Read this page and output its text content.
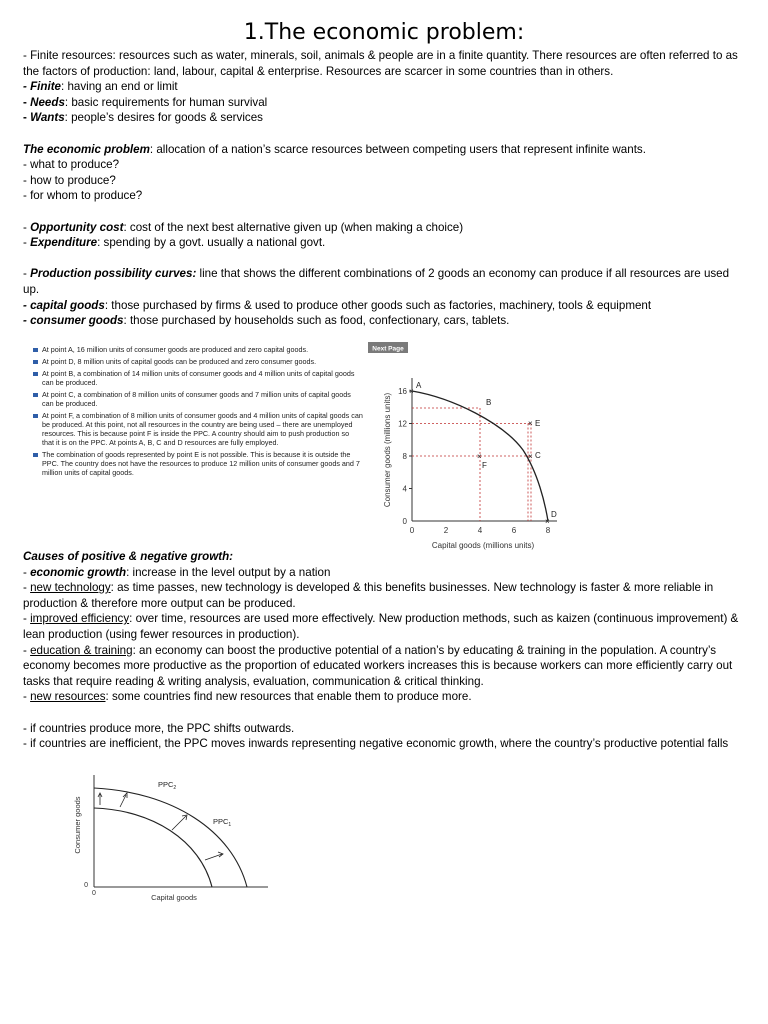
1.The economic problem:

- Finite resources: resources such as water, minerals, soil, animals & people are in a finite quantity. There resources are often referred to as the factors of production: land, labour, capital & enterprise. Resources are scarcer in some countries than in others.

- Finite: having an end or limit

- Needs: basic requirements for human survival

- Wants: people’s desires for goods & services

The economic problem: allocation of a nation’s scarce resources between competing users that represent infinite wants.

- what to produce?

- how to produce?

- for whom to produce?

- Opportunity cost: cost of the next best alternative given up (when making a choice)

- Expenditure: spending by a govt. usually a national govt.

- Production possibility curves: line that shows the different combinations of 2 goods an economy can produce if all resources are used up.

- capital goods: those purchased by firms & used to produce other goods such as factories, machinery, tools & equipment

- consumer goods: those purchased by households such as food, confectionary, cars, tablets.

At point A, 16 million units of consumer goods are produced and zero capital goods.
At point D, 8 million units of capital goods can be produced and zero consumer goods.
At point B, a combination of 14 million units of consumer goods and 4 million units of capital goods can be produced.
At point C, a combination of 8 million units of consumer goods and 7 million units of capital goods can be produced.
At point F, a combination of 8 million units of consumer goods and 4 million units of capital goods can be produced. At this point, not all resources in the country are being used – there are unemployed resources. This is because point F is inside the PPC. A country should aim to push production so that it is on the PPC. At points A, B, C and D resources are fully employed.
The combination of goods represented by point E is not possible. This is because it is outside the PPC. The country does not have the resources to produce 12 million units of consumer goods and 7 million units of capital goods.
Next Page
Consumer goods (millions units)
Capital goods (millions units)
0
4
8
12
16
0	2	4	6	8
×
A
B
× E
×
F
× C
×
D

Causes of positive & negative growth:

- economic growth: increase in the level output by a nation

- new technology: as time passes, new technology is developed & this benefits businesses. New technology is faster & more reliable in production & therefore more output can be produced.

- improved efficiency: over time, resources are used more effectively. New production methods, such as kaizen (continuous improvement) & lean production (using fewer resources in production).

- education & training: an economy can boost the productive potential of a nation’s by educating & training in the population. A country’s economy becomes more productive as the proportion of educated workers increases this is because workers can more efficiently carry out tasks that require reading & writing analysis, evaluation, communication & critical thinking.

- new resources: some countries find new resources that enable them to produce more.

- if countries produce more, the PPC shifts outwards.

- if countries are inefficient, the PPC moves inwards representing negative economic growth, where the country’s productive potential falls

Consumer goods
Capital goods
0
0
$PPC_2$
$PPC_1$
